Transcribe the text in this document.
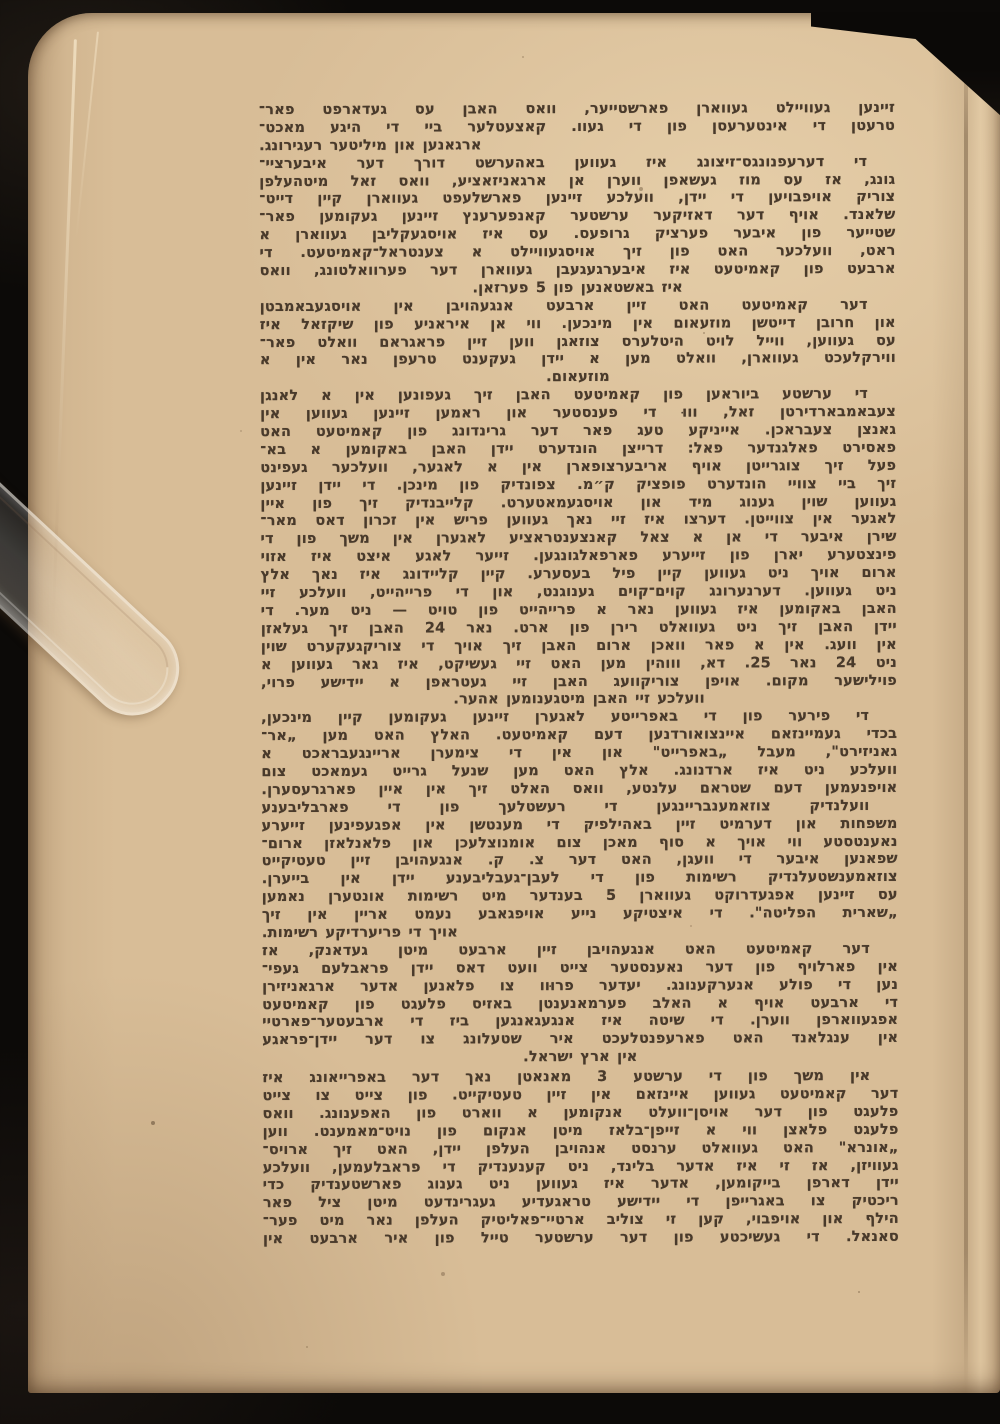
זיינען געוויילט געווארן פארשטייער, וואס האבן עס געדארפט פאר־
טרעטן די אינטערעסן פון די געוו. קאצעטלער ביי די היגע מאכט־
ארגאנען און מיליטער רעגירונג.
די דערעפנונגס־זיצונג איז געווען באהערשט דורך דער איבערציי־
גונג, אז עס מוז געשאפן ווערן אן ארגאניזאציע, וואס זאל מיטהעלפן
צוריק אויפבויען די יידן, וועלכע זיינען פארשלעפט געווארן קיין דייט־
שלאנד. אויף דער דאזיקער ערשטער קאנפערענץ זיינען געקומען פאר־
שטייער פון איבער פערציק גרופעס. עס איז אויסגעקליבן געווארן א
ראט, וועלכער האט פון זיך אויסגעוויילט א צענטראל־קאמיטעט. די
ארבעט פון קאמיטעט איז איבערגעגעבן געווארן דער פערוואלטונג, וואס
איז באשטאנען פון 5 פערזאן.
דער קאמיטעט האט זיין ארבעט אנגעהויבן אין אויסגעבאמבטן
און חרובן דייטשן מוזעאום אין מינכען. ווי אן איראניע פון שיקזאל איז
עס געווען, ווייל לויט היטלערס צוזאגן ווען זיין פראגראם וואלט פאר־
ווירקלעכט געווארן, וואלט מען א יידן געקענט טרעפן נאר אין א
מוזעאום.
די ערשטע ביוראען פון קאמיטעט האבן זיך געפונען אין א לאנגן
צעבאמבארדירטן זאל, וווּ די פענסטער און ראמען זיינען געווען אין
גאנצן צעבראכן. אייניקע טעג פאר דער גרינדונג פון קאמיטעט האט
פאסירט פאלגנדער פאל: דרייצן הונדערט יידן האבן באקומען א בא־
פעל זיך צוגרייטן אויף אריבערצופארן אין א לאגער, וועלכער געפינט
זיך ביי צוויי הונדערט פופציק ק״מ. צפונדיק פון מינכן. די יידן זיינען
געווען שוין גענוג מיד און אויסגעמאטערט. קלייבנדיק זיך פון איין
לאגער אין צווייטן. דערצו איז זיי נאך געווען פריש אין זכרון דאס מאר־
שירן איבער די אן א צאל קאנצענטראציע לאגערן אין משך פון די
פינצטערע יארן פון זייערע פארפאלגונגען. זייער לאגע איצט איז אזוי
ארום אויך ניט געווען קיין פיל בעסערע. קיין קליידונג איז נאך אלץ
ניט געווען. דערנערונג קוים־קוים גענוגנט, און די פרייהייט, וועלכע זיי
האבן באקומען איז געווען נאר א פרייהייט פון טויט — ניט מער. די
יידן האבן זיך ניט געוואלט רירן פון ארט. נאר 24 האבן זיך געלאזן
אין וועג. אין א פאר וואכן ארום האבן זיך אויך די צוריקגעקערט שוין
ניט 24 נאר 25. דא, וווהין מען האט זיי געשיקט, איז גאר געווען א
פוילישער מקום. אויפן צוריקוועג האבן זיי געטראפן א יידישע פרוי,
וועלכע זיי האבן מיטגענומען אהער.
די פירער פון די באפרייטע לאגערן זיינען געקומען קיין מינכען,
בכדי געמיינזאם איינצואורדנען דעם קאמיטעט. האלץ האט מען „אר־
גאניזירט", מעבל „באפרייט" און אין די צימערן אריינגעבראכט א
וועלכע ניט איז ארדנונג. אלץ האט מען שנעל גרייט געמאכט צום
אויפנעמען דעם שטראם עלנטע, וואס האלט זיך אין איין פארגרעסערן.
וועלנדיק צוזאמענבריינגען די רעשטלעך פון די פארבליבענע
משפחות און דערמיט זיין באהילפיק די מענטשן אין אפגעפינען זייערע
נאענטסטע ווי אויך א סוף מאכן צום אומנוצלעכן און פלאנלאזן ארום־
שפאנען איבער די וועגן, האט דער צ. ק. אנגעהויבן זיין טעטיקייט
צוזאמענשטעלנדיק רשימות פון די לעבן־געבליבענע יידן אין בייערן.
עס זיינען אפגעדרוקט געווארן 5 בענדער מיט רשימות אונטערן נאמען
„שארית הפליטה". די איצטיקע נייע אויפגאבע נעמט אריין אין זיך
אויך די פריערדיקע רשימות.
דער קאמיטעט האט אנגעהויבן זיין ארבעט מיטן געדאנק, אז
אין פארלויף פון דער נאענסטער צייט וועט דאס יידן פראבלעם געפי־
נען די פולע אנערקענונג. יעדער פרוּוו צו פלאנען אדער ארגאניזירן
די ארבעט אויף א האלב פערמאנענטן באזיס פלעגט פון קאמיטעט
אפגעווארפן ווערן. די שיטה איז אנגעגאנגען ביז די ארבעטער־פארטיי
אין ענגלאנד האט פארעפנטלעכט איר שטעלונג צו דער יידן־פראגע
אין ארץ ישראל.
אין משך פון די ערשטע 3 מאנאטן נאך דער באפרייאונג איז
דער קאמיטעט געווען איינזאם אין זיין טעטיקייט. פון צייט צו צייט
פלעגט פון דער אויסן־וועלט אנקומען א ווארט פון האפענונג. וואס
פלעגט פלאצן ווי א זייפן־בלאז מיטן אנקום פון נויט־מאמענט. ווען
„אונרא" האט געוואלט ערנסט אנהויבן העלפן יידן, האט זיך ארויס־
געוויזן, אז זי איז אדער בלינד, ניט קענענדיק די פראבלעמען, וועלכע
יידן דארפן בייקומען, אדער איז געווען ניט גענוג פארשטענדיק כדי
ריכטיק צו באגרייפן די יידישע טראגעדיע געגרינדעט מיטן ציל פאר
הילף און אויפבוי, קען זי צוליב ארטיי־פאליטיק העלפן נאר מיט פער־
סאנאל. די געשיכטע פון דער ערשטער טייל פון איר ארבעט אין
